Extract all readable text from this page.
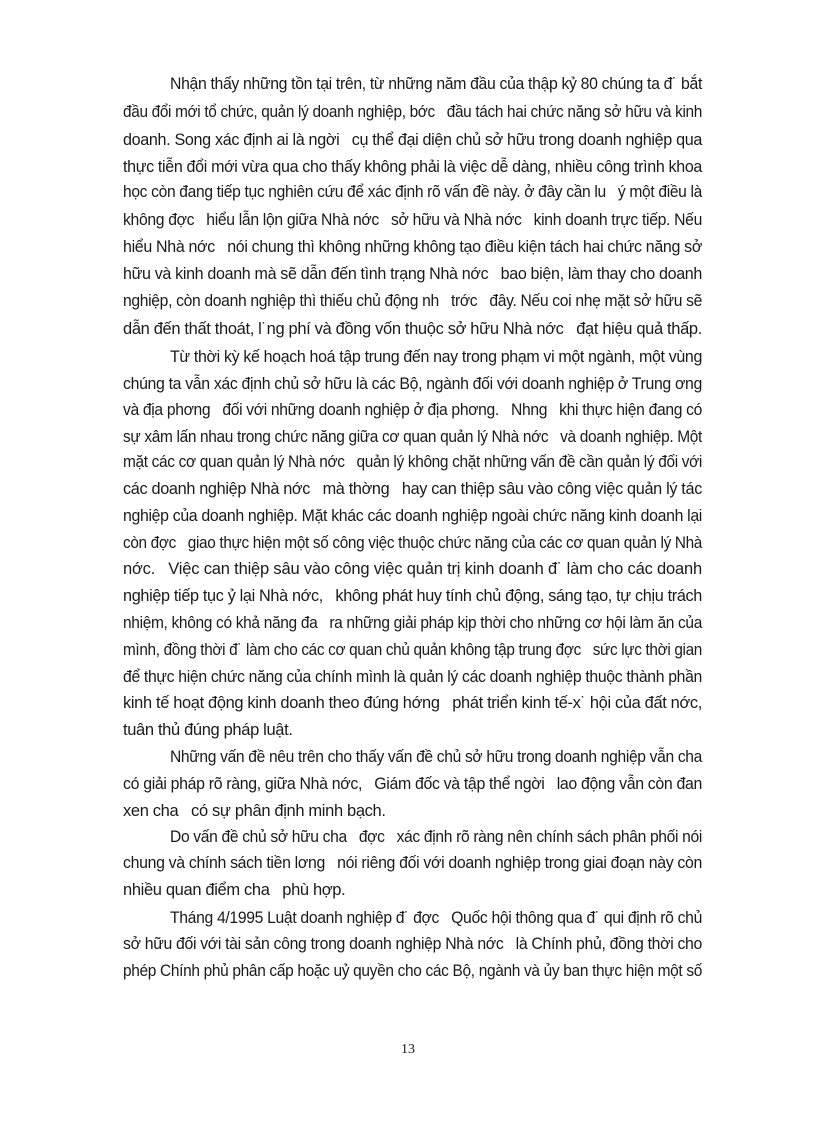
Nhận thấy những tồn tại trên, từ những năm đầu của thập kỷ 80 chúng ta đ˙ bắt
đầu đổi mới tổ chức, quản lý doanh nghiệp, bớc   đầu tách hai chức năng sở hữu và kinh
doanh. Song xác định ai là ngời   cụ thể đại diện chủ sở hữu trong doanh nghiệp qua
thực tiễn đổi mới vừa qua cho thấy không phải là việc dễ dàng, nhiều công trình khoa
học còn đang tiếp tục nghiên cứu để xác định rõ vấn đề này. ở đây cần lu   ý một điều là
không đợc   hiểu lẫn lộn giữa Nhà nớc   sở hữu và Nhà nớc   kinh doanh trực tiếp. Nếu
hiểu Nhà nớc   nói chung thì không những không tạo điều kiện tách hai chức năng sở
hữu và kinh doanh mà sẽ dẫn đến tình trạng Nhà nớc   bao biện, làm thay cho doanh
nghiệp, còn doanh nghiệp thì thiếu chủ động nh   trớc   đây. Nếu coi nhẹ mặt sở hữu sẽ
dẫn đến thất thoát, l˙ng phí và đồng vốn thuộc sở hữu Nhà nớc   đạt hiệu quả thấp.
Từ thời kỳ kế hoạch hoá tập trung đến nay trong phạm vi một ngành, một vùng
chúng ta vẫn xác định chủ sở hữu là các Bộ, ngành đối với doanh nghiệp ở Trung ơng
và địa phơng   đối với những doanh nghiệp ở địa phơng.   Nhng   khi thực hiện đang có
sự xâm lấn nhau trong chức năng giữa cơ quan quản lý Nhà nớc   và doanh nghiệp. Một
mặt các cơ quan quản lý Nhà nớc   quản lý không chặt những vấn đề cần quản lý đối với
các doanh nghiệp Nhà nớc   mà thờng   hay can thiệp sâu vào công việc quản lý tác
nghiệp của doanh nghiệp. Mặt khác các doanh nghiệp ngoài chức năng kinh doanh lại
còn đợc   giao thực hiện một số công việc thuộc chức năng của các cơ quan quản lý Nhà
nớc.   Việc can thiệp sâu vào công việc quản trị kinh doanh đ˙ làm cho các doanh
nghiệp tiếp tục ỷ lại Nhà nớc,   không phát huy tính chủ động, sáng tạo, tự chịu trách
nhiệm, không có khả năng đa   ra những giải pháp kịp thời cho những cơ hội làm ăn của
mình, đồng thời đ˙ làm cho các cơ quan chủ quản không tập trung đợc   sức lực thời gian
để thực hiện chức năng của chính mình là quản lý các doanh nghiệp thuộc thành phần
kinh tế hoạt động kinh doanh theo đúng hớng   phát triển kinh tế-x˙ hội của đất nớc,
tuân thủ đúng pháp luật.
Những vấn đề nêu trên cho thấy vấn đề chủ sở hữu trong doanh nghiệp vẫn cha
có giải pháp rõ ràng, giữa Nhà nớc,   Giám đốc và tập thể ngời   lao động vẫn còn đan
xen cha   có sự phân định minh bạch.
Do vấn đề chủ sở hữu cha   đợc   xác định rõ ràng nên chính sách phân phối nói
chung và chính sách tiền lơng   nói riêng đối với doanh nghiệp trong giai đoạn này còn
nhiều quan điểm cha   phù hợp.
Tháng 4/1995 Luật doanh nghiệp đ˙ đợc   Quốc hội thông qua đ˙ qui định rõ chủ
sở hữu đối với tài sản công trong doanh nghiệp Nhà nớc   là Chính phủ, đồng thời cho
phép Chính phủ phân cấp hoặc uỷ quyền cho các Bộ, ngành và ủy ban thực hiện một số
13
